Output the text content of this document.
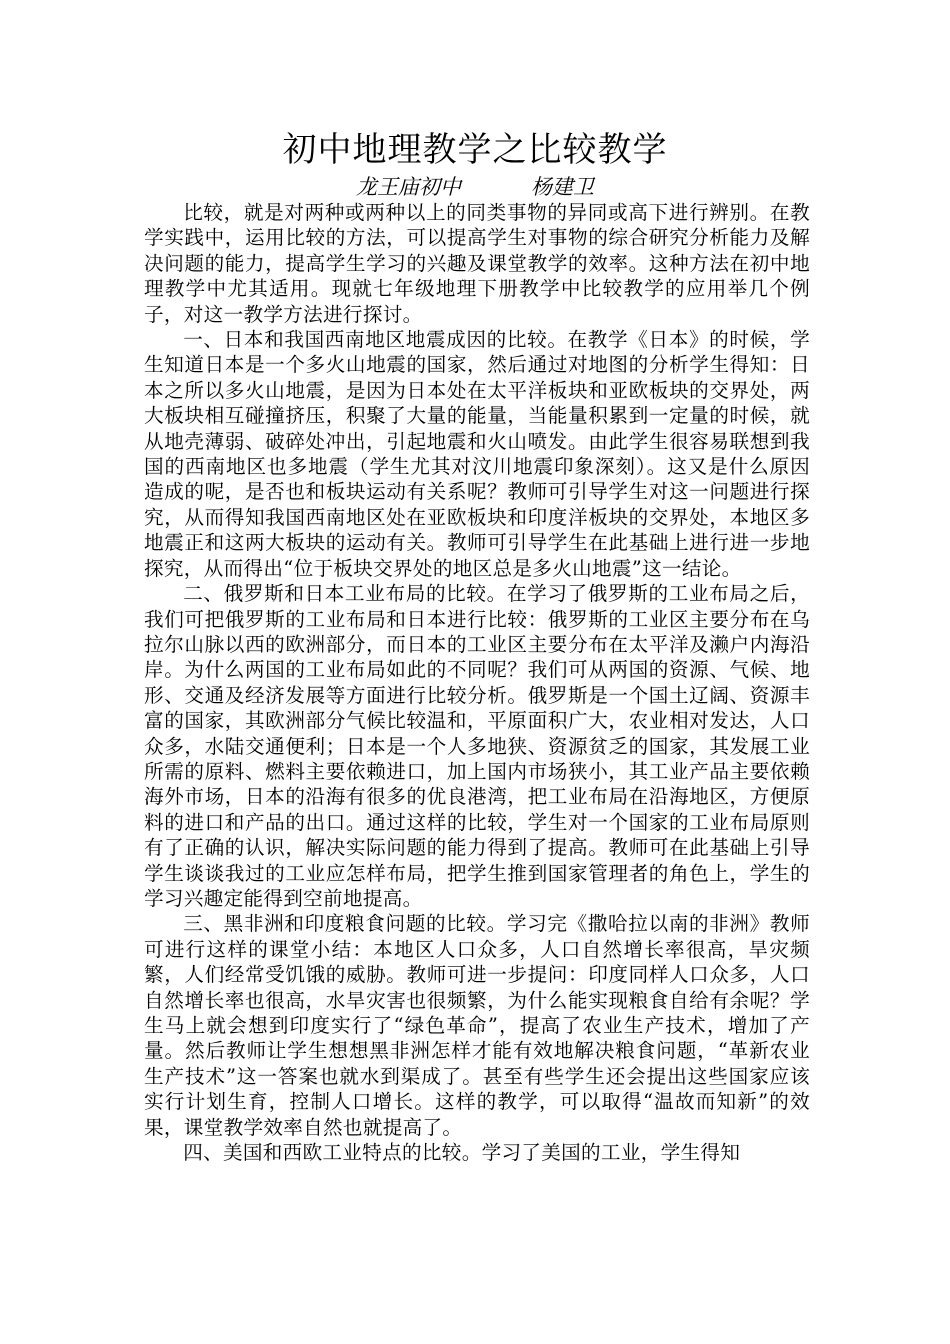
初中地理教学之比较教学
龙王庙初中	杨建卫

比较，就是对两种或两种以上的同类事物的异同或高下进行辨别。在教学实践中，运用比较的方法，可以提高学生对事物的综合研究分析能力及解决问题的能力，提高学生学习的兴趣及课堂教学的效率。这种方法在初中地理教学中尤其适用。现就七年级地理下册教学中比较教学的应用举几个例子，对这一教学方法进行探讨。

一、日本和我国西南地区地震成因的比较。在教学《日本》的时候，学生知道日本是一个多火山地震的国家，然后通过对地图的分析学生得知：日本之所以多火山地震，是因为日本处在太平洋板块和亚欧板块的交界处，两大板块相互碰撞挤压，积聚了大量的能量，当能量积累到一定量的时候，就从地壳薄弱、破碎处冲出，引起地震和火山喷发。由此学生很容易联想到我国的西南地区也多地震（学生尤其对汶川地震印象深刻）。这又是什么原因造成的呢，是否也和板块运动有关系呢？教师可引导学生对这一问题进行探究，从而得知我国西南地区处在亚欧板块和印度洋板块的交界处，本地区多地震正和这两大板块的运动有关。教师可引导学生在此基础上进行进一步地探究，从而得出“位于板块交界处的地区总是多火山地震”这一结论。

二、俄罗斯和日本工业布局的比较。在学习了俄罗斯的工业布局之后，我们可把俄罗斯的工业布局和日本进行比较：俄罗斯的工业区主要分布在乌拉尔山脉以西的欧洲部分，而日本的工业区主要分布在太平洋及濑户内海沿岸。为什么两国的工业布局如此的不同呢？我们可从两国的资源、气候、地形、交通及经济发展等方面进行比较分析。俄罗斯是一个国土辽阔、资源丰富的国家，其欧洲部分气候比较温和，平原面积广大，农业相对发达，人口众多，水陆交通便利；日本是一个人多地狭、资源贫乏的国家，其发展工业所需的原料、燃料主要依赖进口，加上国内市场狭小，其工业产品主要依赖海外市场，日本的沿海有很多的优良港湾，把工业布局在沿海地区，方便原料的进口和产品的出口。通过这样的比较，学生对一个国家的工业布局原则有了正确的认识，解决实际问题的能力得到了提高。教师可在此基础上引导学生谈谈我过的工业应怎样布局，把学生推到国家管理者的角色上，学生的学习兴趣定能得到空前地提高。

三、黑非洲和印度粮食问题的比较。学习完《撒哈拉以南的非洲》教师可进行这样的课堂小结：本地区人口众多，人口自然增长率很高，旱灾频繁，人们经常受饥饿的威胁。教师可进一步提问：印度同样人口众多，人口自然增长率也很高，水旱灾害也很频繁，为什么能实现粮食自给有余呢？学生马上就会想到印度实行了“绿色革命”，提高了农业生产技术，增加了产量。然后教师让学生想想黑非洲怎样才能有效地解决粮食问题，“革新农业生产技术”这一答案也就水到渠成了。甚至有些学生还会提出这些国家应该实行计划生育，控制人口增长。这样的教学，可以取得“温故而知新”的效果，课堂教学效率自然也就提高了。

四、美国和西欧工业特点的比较。学习了美国的工业，学生得知
